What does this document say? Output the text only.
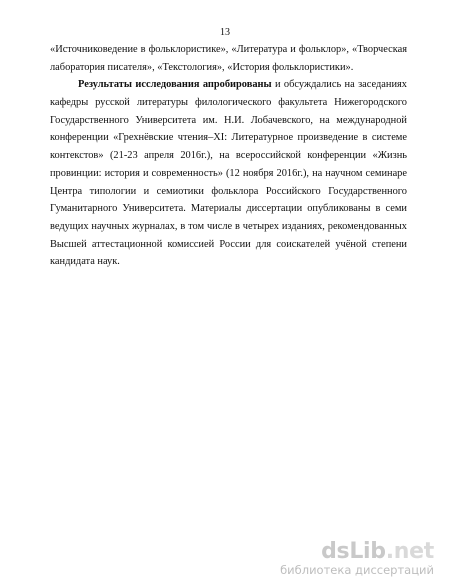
13
«Источниковедение в фольклористике», «Литература и фольклор», «Творческая
лаборатория писателя», «Текстология», «История фольклористики».
Результаты исследования апробированы и обсуждались на заседаниях
кафедры русской литературы филологического факультета Нижегородского
Государственного Университета им. Н.И. Лобачевского, на международной
конференции «Грехнёвские чтения–XI: Литературное произведение в системе
контекстов» (21-23 апреля 2016г.), на всероссийской конференции «Жизнь
провинции: история и современность» (12 ноября 2016г.), на научном семинаре
Центра типологии и семиотики фольклора Российского Государственного
Гуманитарного Университета. Материалы диссертации опубликованы в семи
ведущих научных журналах, в том числе в четырех изданиях, рекомендованных
Высшей аттестационной комиссией России для соискателей учёной степени
кандидата наук.
dsLib.net
библиотека диссертаций
